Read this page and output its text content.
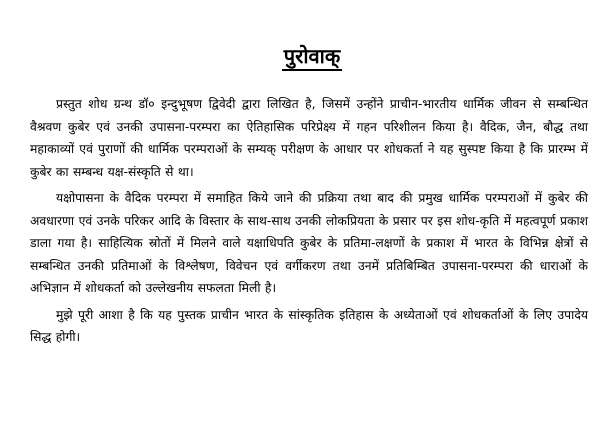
पुरोवाक्

प्रस्तुत शोध ग्रन्थ डॉ० इन्दुभूषण द्विवेदी द्वारा लिखित है, जिसमें उन्होंने प्राचीन-भारतीय धार्मिक जीवन से सम्बन्धित वैश्रवण कुबेर एवं उनकी उपासना-परम्परा का ऐतिहासिक परिप्रेक्ष्य में गहन परिशीलन किया है। वैदिक, जैन, बौद्ध तथा महाकाव्यों एवं पुराणों की धार्मिक परम्पराओं के सम्यक् परीक्षण के आधार पर शोधकर्ता ने यह सुस्पष्ट किया है कि प्रारम्भ में कुबेर का सम्बन्ध यक्ष-संस्कृति से था।

यक्षोपासना के वैदिक परम्परा में समाहित किये जाने की प्रक्रिया तथा बाद की प्रमुख धार्मिक परम्पराओं में कुबेर की अवधारणा एवं उनके परिकर आदि के विस्तार के साथ-साथ उनकी लोकप्रियता के प्रसार पर इस शोध-कृति में महत्वपूर्ण प्रकाश डाला गया है। साहित्यिक स्रोतों में मिलने वाले यक्षाधिपति कुबेर के प्रतिमा-लक्षणों के प्रकाश में भारत के विभिन्न क्षेत्रों से सम्बन्धित उनकी प्रतिमाओं के विश्लेषण, विवेचन एवं वर्गीकरण तथा उनमें प्रतिबिम्बित उपासना-परम्परा की धाराओं के अभिज्ञान में शोधकर्ता को उल्लेखनीय सफलता मिली है।

मुझे पूरी आशा है कि यह पुस्तक प्राचीन भारत के सांस्कृतिक इतिहास के अध्येताओं एवं शोधकर्ताओं के लिए उपादेय सिद्ध होगी।
